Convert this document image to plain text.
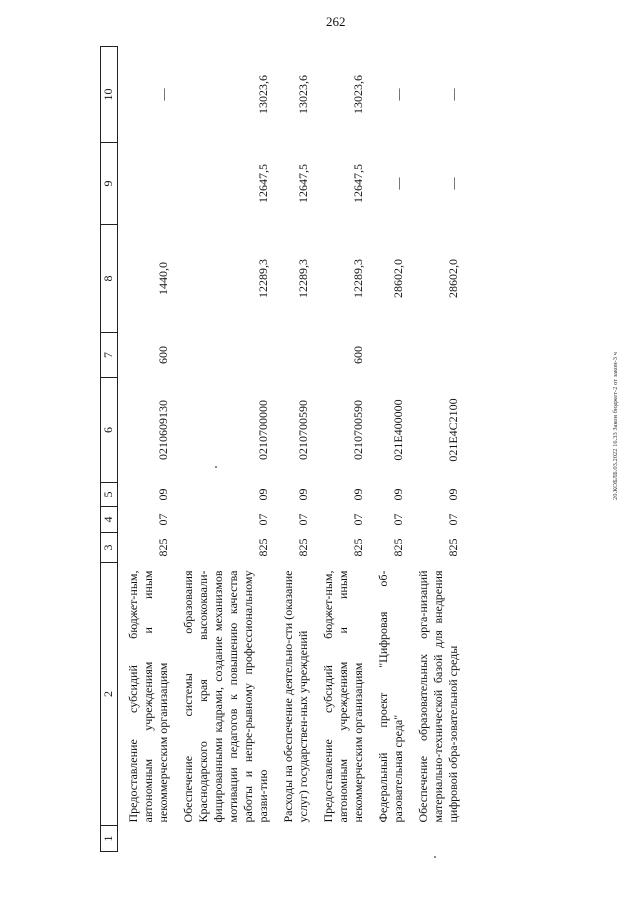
262
20.КОБЛБ.03.2022 16.33 Закон бюджет-2 от закон-3 ч
1	2	3	4	5	6	7	8	9	10
	Предоставление субсидий бюджет-ным, автономным учреждениям и иным некоммерческим организациям	825	07	09	0210609130	600	1440,0		—
	Обеспечение системы образования Краснодарского края высококвали-фицированными кадрами, создание механизмов мотивации педагогов к повышению качества работы и непре-рывному профессиональному разви-тию	825	07	09	0210700000		12289,3	12647,5	13023,6
	Расходы на обеспечение деятельно-сти (оказание услуг) государствен-ных учреждений	825	07	09	0210700590		12289,3	12647,5	13023,6
	Предоставление субсидий бюджет-ным, автономным учреждениям и иным некоммерческим организациям	825	07	09	0210700590	600	12289,3	12647,5	13023,6
	Федеральный проект "Цифровая об-разовательная среда"	825	07	09	021E400000		28602,0	—	—
	Обеспечение образовательных орга-низаций материально-технической базой для внедрения цифровой обра-зовательной среды	825	07	09	021E4C2100		28602,0	—	—
